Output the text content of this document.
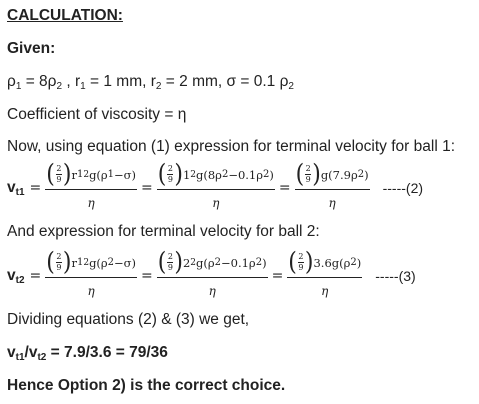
CALCULATION:
Given:
$\rho_1 = 8\rho_2$ , $r_1 = 1$ mm, $r_2 = 2$ mm, σ = 0.1 $\rho_2$
Coefficient of viscosity = η
Now, using equation (1) expression for terminal velocity for ball 1:
$v_{t1}$ = ( 2
9 ) r 1 2 g(ρ 1 −σ)
η = ( 2
9 ) 1 2 g(8ρ 2 −0.1ρ 2 )
η = ( 2
9 ) g(7.9ρ 2 )
η -----(2)
And expression for terminal velocity for ball 2:
$v_{t2}$ = ( 2
9 ) r 1 2 g(ρ 2 −σ)
η = ( 2
9 ) 2 2 g(ρ 2 −0.1ρ 2 )
η = ( 2
9 ) 3.6g(ρ 2 )
η -----(3)
Dividing equations (2) & (3) we get,
$v_{t1}/v_{t2} = 7.9/3.6 = 79/36$
Hence Option 2) is the correct choice.
